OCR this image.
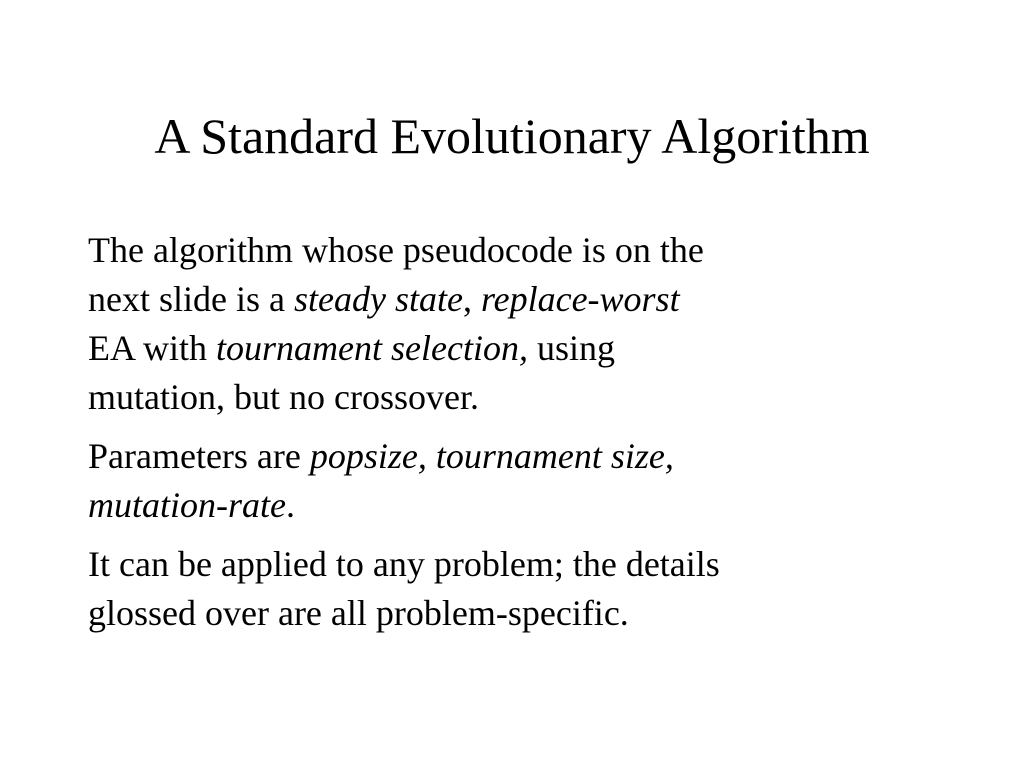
A Standard Evolutionary Algorithm
The algorithm whose pseudocode is on the
next slide is a steady state, replace-worst
EA with tournament selection, using
mutation, but no crossover.
Parameters are popsize, tournament size,
mutation-rate.
It can be applied to any problem; the details
glossed over are all problem-specific.
